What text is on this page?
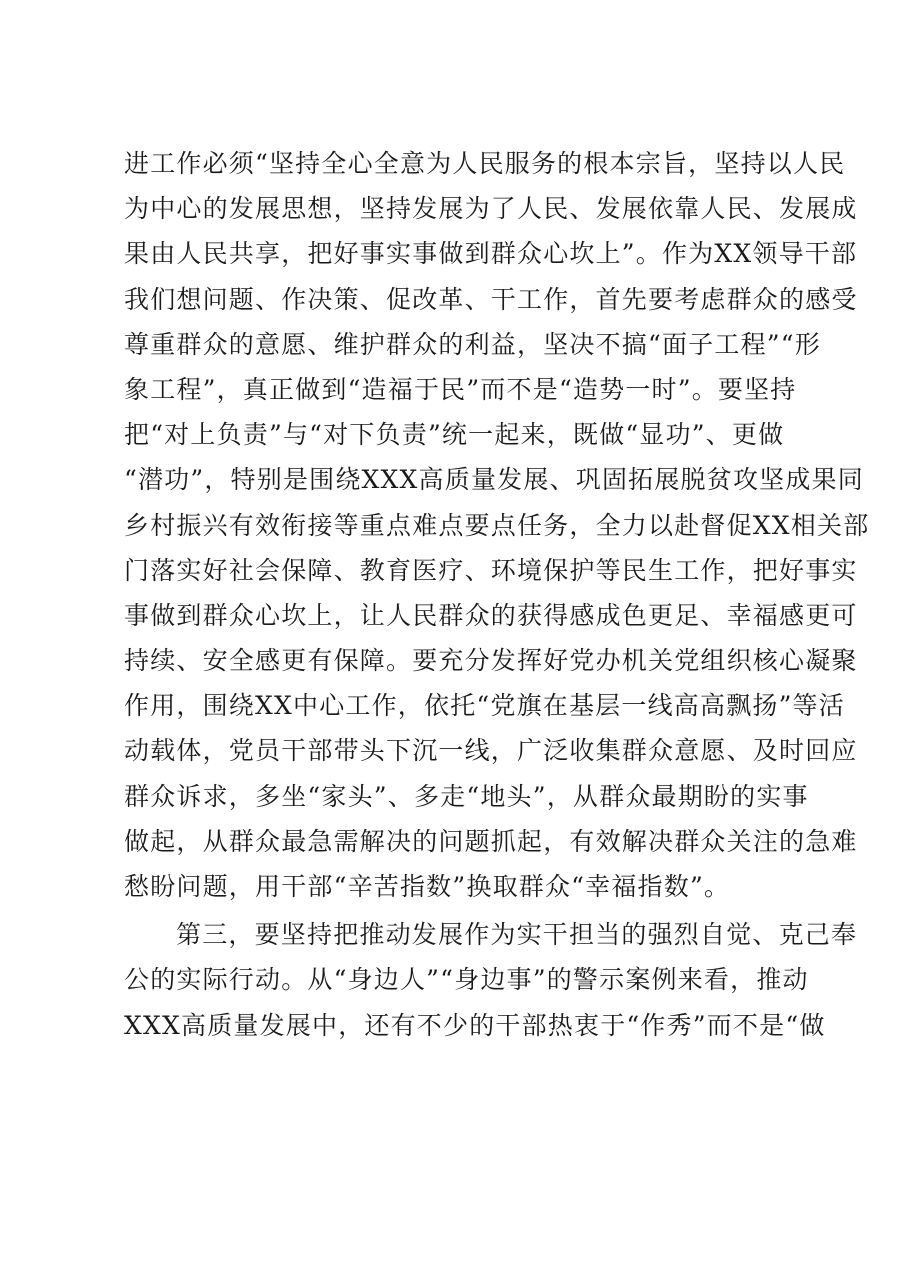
进工作必须“坚持全心全意为人民服务的根本宗旨，坚持以人民
为中心的发展思想，坚持发展为了人民、发展依靠人民、发展成
果由人民共享，把好事实事做到群众心坎上”。作为XX领导干部
我们想问题、作决策、促改革、干工作，首先要考虑群众的感受
尊重群众的意愿、维护群众的利益，坚决不搞“面子工程”“形
象工程”，真正做到“造福于民”而不是“造势一时”。要坚持
把“对上负责”与“对下负责”统一起来，既做“显功”、更做
“潜功”，特别是围绕XXX高质量发展、巩固拓展脱贫攻坚成果同
乡村振兴有效衔接等重点难点要点任务，全力以赴督促XX相关部
门落实好社会保障、教育医疗、环境保护等民生工作，把好事实
事做到群众心坎上，让人民群众的获得感成色更足、幸福感更可
持续、安全感更有保障。要充分发挥好党办机关党组织核心凝聚
作用，围绕XX中心工作，依托“党旗在基层一线高高飘扬”等活
动载体，党员干部带头下沉一线，广泛收集群众意愿、及时回应
群众诉求，多坐“家头”、多走“地头”，从群众最期盼的实事
做起，从群众最急需解决的问题抓起，有效解决群众关注的急难
愁盼问题，用干部“辛苦指数”换取群众“幸福指数”。
第三，要坚持把推动发展作为实干担当的强烈自觉、克己奉
公的实际行动。从“身边人”“身边事”的警示案例来看，推动
XXX高质量发展中，还有不少的干部热衷于“作秀”而不是“做
